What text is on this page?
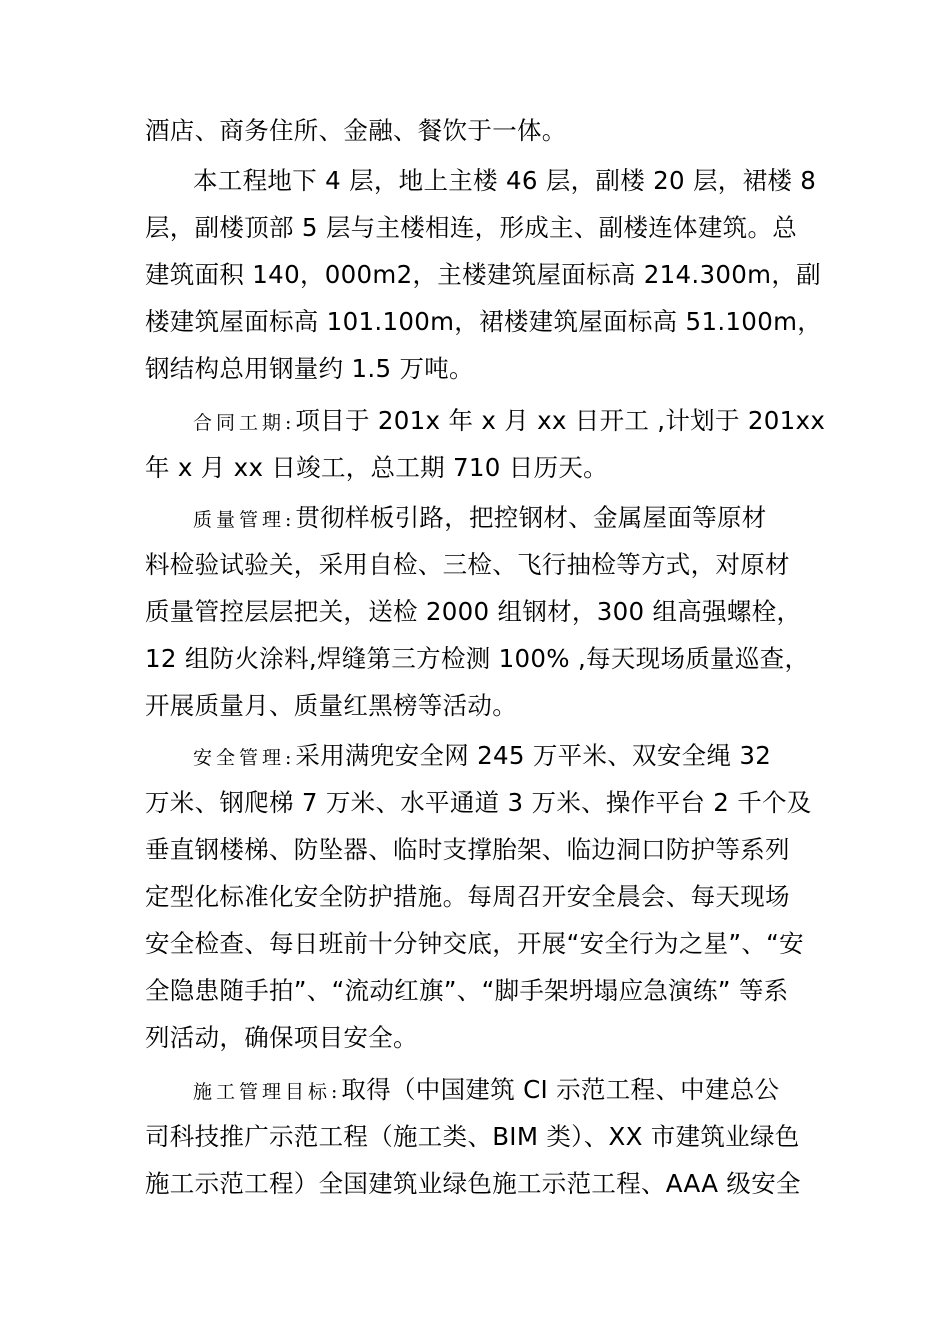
酒店、商务住所、金融、餐饮于一体。
本工程地下 4 层，地上主楼 46 层，副楼 20 层，裙楼 8
层，副楼顶部 5 层与主楼相连，形成主、副楼连体建筑。总
建筑面积 140，000m2，主楼建筑屋面标高 214.300m，副
楼建筑屋面标高 101.100m，裙楼建筑屋面标高 51.100m，
钢结构总用钢量约 1.5 万吨。
合同工期:项目于 201x 年 x 月 xx 日开工 ,计划于 201xx
年 x 月 xx 日竣工，总工期 710 日历天。
质量管理:贯彻样板引路，把控钢材、金属屋面等原材
料检验试验关，采用自检、三检、飞行抽检等方式，对原材
质量管控层层把关，送检 2000 组钢材，300 组高强螺栓，
12 组防火涂料,焊缝第三方检测 100% ,每天现场质量巡查，
开展质量月、质量红黑榜等活动。
安全管理:采用满兜安全网 245 万平米、双安全绳 32
万米、钢爬梯 7 万米、水平通道 3 万米、操作平台 2 千个及
垂直钢楼梯、防坠器、临时支撑胎架、临边洞口防护等系列
定型化标准化安全防护措施。每周召开安全晨会、每天现场
安全检查、每日班前十分钟交底，开展“安全行为之星”、“安
全隐患随手拍”、“流动红旗”、“脚手架坍塌应急演练” 等系
列活动，确保项目安全。
施工管理目标:取得（中国建筑 CI 示范工程、中建总公
司科技推广示范工程（施工类、BIM 类）、XX 市建筑业绿色
施工示范工程）全国建筑业绿色施工示范工程、AAA 级安全
